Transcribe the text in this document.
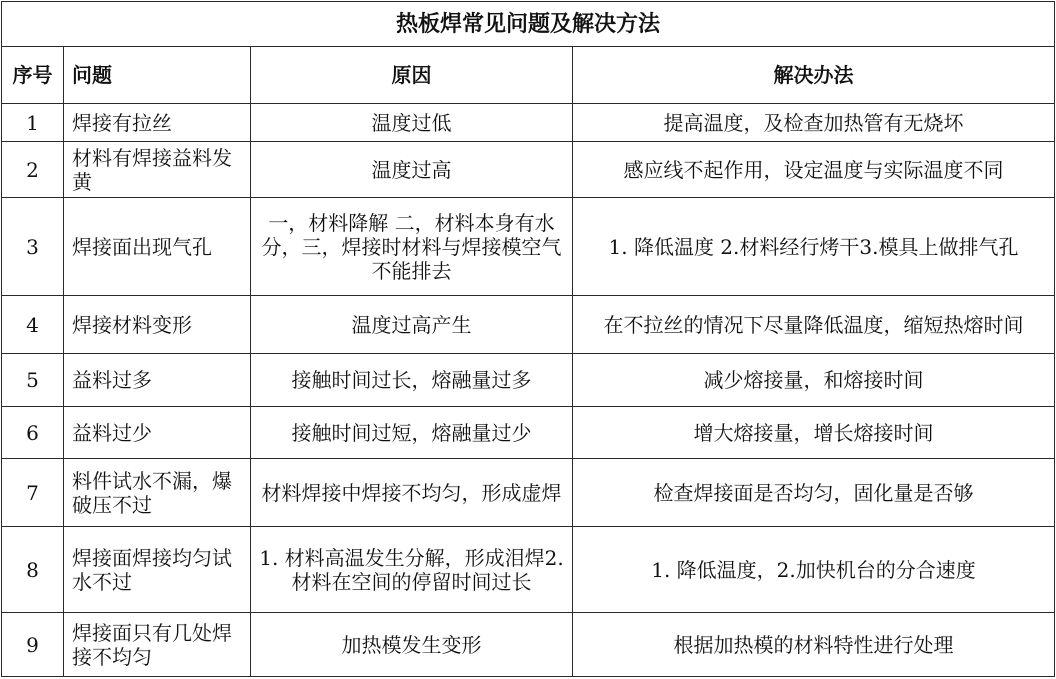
热板焊常见问题及解决方法			
序号	问题	原因	解决办法
1	焊接有拉丝	温度过低	提高温度，及检查加热管有无烧坏
2	材料有焊接益料发黄	温度过高	感应线不起作用，设定温度与实际温度不同
3	焊接面出现气孔	一，材料降解 二，材料本身有水分，三，焊接时材料与焊接模空气不能排去	1. 降低温度 2.材料经行烤干3.模具上做排气孔
4	焊接材料变形	温度过高产生	在不拉丝的情况下尽量降低温度，缩短热熔时间
5	益料过多	接触时间过长，熔融量过多	减少熔接量，和熔接时间
6	益料过少	接触时间过短，熔融量过少	增大熔接量，增长熔接时间
7	料件试水不漏，爆破压不过	材料焊接中焊接不均匀，形成虚焊	检查焊接面是否均匀，固化量是否够
8	焊接面焊接均匀试水不过	1. 材料高温发生分解，形成泪焊2.材料在空间的停留时间过长	1. 降低温度，2.加快机台的分合速度
9	焊接面只有几处焊接不均匀	加热模发生变形	根据加热模的材料特性进行处理
